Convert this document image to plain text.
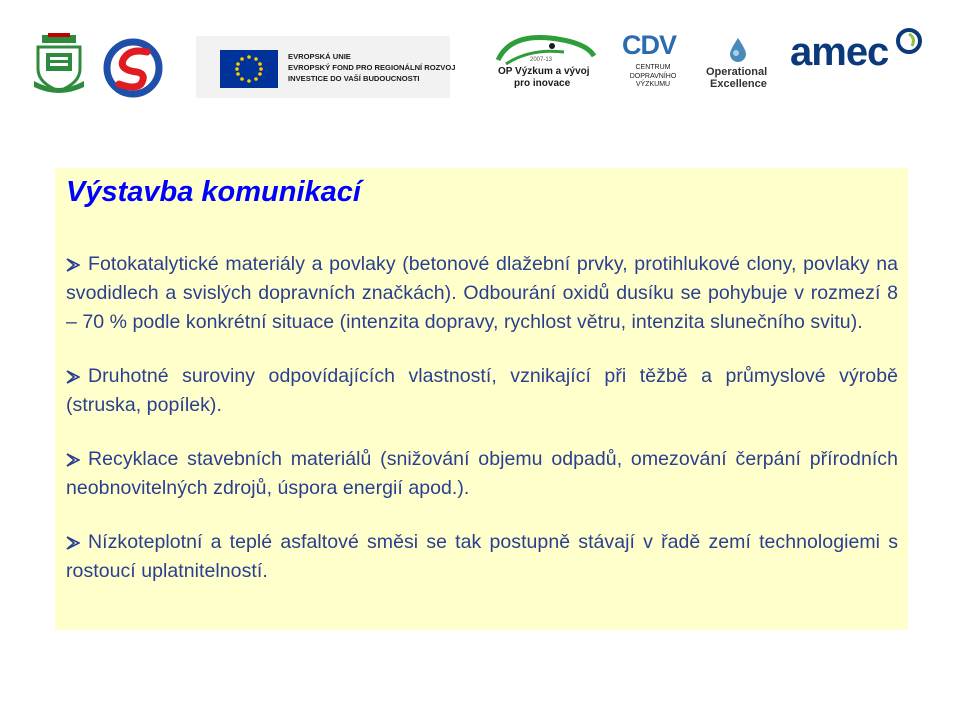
EVROPSKÁ UNIE
EVROPSKÝ FOND PRO REGIONÁLNÍ ROZVOJ
INVESTICE DO VAŠÍ BUDOUCNOSTI
2007-13
OP Výzkum a vývoj
pro inovace
CDV
CENTRUM
DOPRAVNÍHO
VÝZKUMU
Operational
Excellence
amec
Výstavba komunikací

Fotokatalytické materiály a povlaky (betonové dlažební prvky, protihlukové clony, povlaky na svodidlech a svislých dopravních značkách). Odbourání oxidů dusíku se pohybuje v rozmezí 8 – 70 % podle konkrétní situace (intenzita dopravy, rychlost větru, intenzita slunečního svitu).

Druhotné suroviny odpovídajících vlastností, vznikající při těžbě a průmyslové výrobě (struska, popílek).

Recyklace stavebních materiálů (snižování objemu odpadů, omezování čerpání přírodních neobnovitelných zdrojů, úspora energií apod.).

Nízkoteplotní a teplé asfaltové směsi se tak postupně stávají v řadě zemí technologiemi s rostoucí uplatnitelností.
